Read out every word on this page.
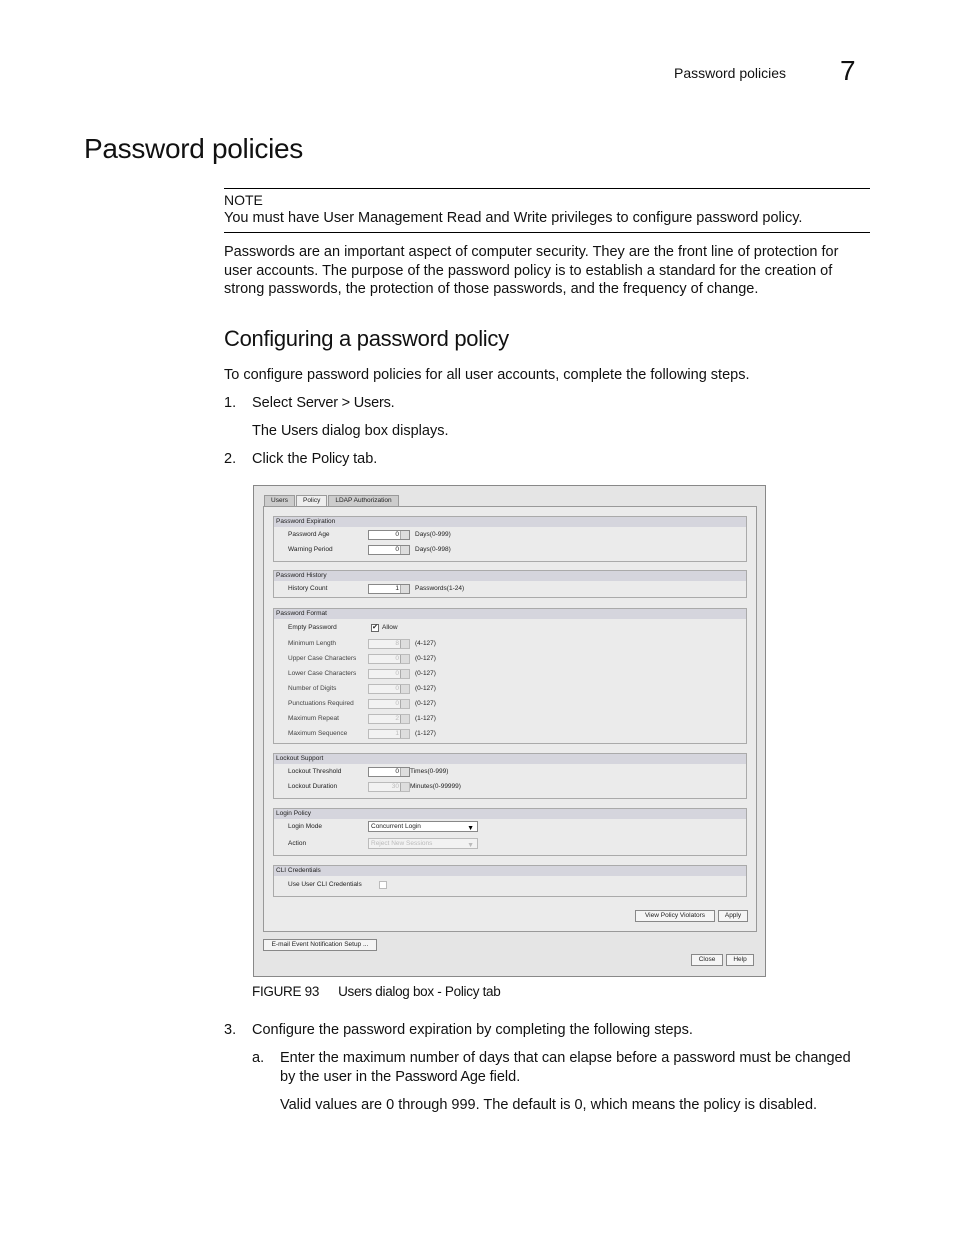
Password policies 7
Password policies
NOTE
You must have User Management Read and Write privileges to configure password policy.
Passwords are an important aspect of computer security. They are the front line of protection for
user accounts. The purpose of the password policy is to establish a standard for the creation of
strong passwords, the protection of those passwords, and the frequency of change.
Configuring a password policy
To configure password policies for all user accounts, complete the following steps.
1. Select Server > Users.
The Users dialog box displays.
2. Click the Policy tab.
Users	Policy	LDAP Authorization
Password Expiration
Password Age	0	Days(0-999)
Warning Period	0	Days(0-998)
Password History
History Count	1	Passwords(1-24)
Password Format
Empty Password	✔ Allow
Minimum Length	8	(4-127)
Upper Case Characters	0	(0-127)
Lower Case Characters	0	(0-127)
Number of Digits	0	(0-127)
Punctuations Required	0	(0-127)
Maximum Repeat	2	(1-127)
Maximum Sequence	1	(1-127)
Lockout Support
Lockout Threshold	0	Times(0-999)
Lockout Duration	30	Minutes(0-99999)
Login Policy
Login Mode	Concurrent Login	▼
Action	Reject New Sessions	▼
CLI Credentials
Use User CLI Credentials
View Policy Violators	Apply
E-mail Event Notification Setup ...
Close	Help
FIGURE 93 Users dialog box - Policy tab
3. Configure the password expiration by completing the following steps.
a. Enter the maximum number of days that can elapse before a password must be changed
by the user in the Password Age field.
Valid values are 0 through 999. The default is 0, which means the policy is disabled.
